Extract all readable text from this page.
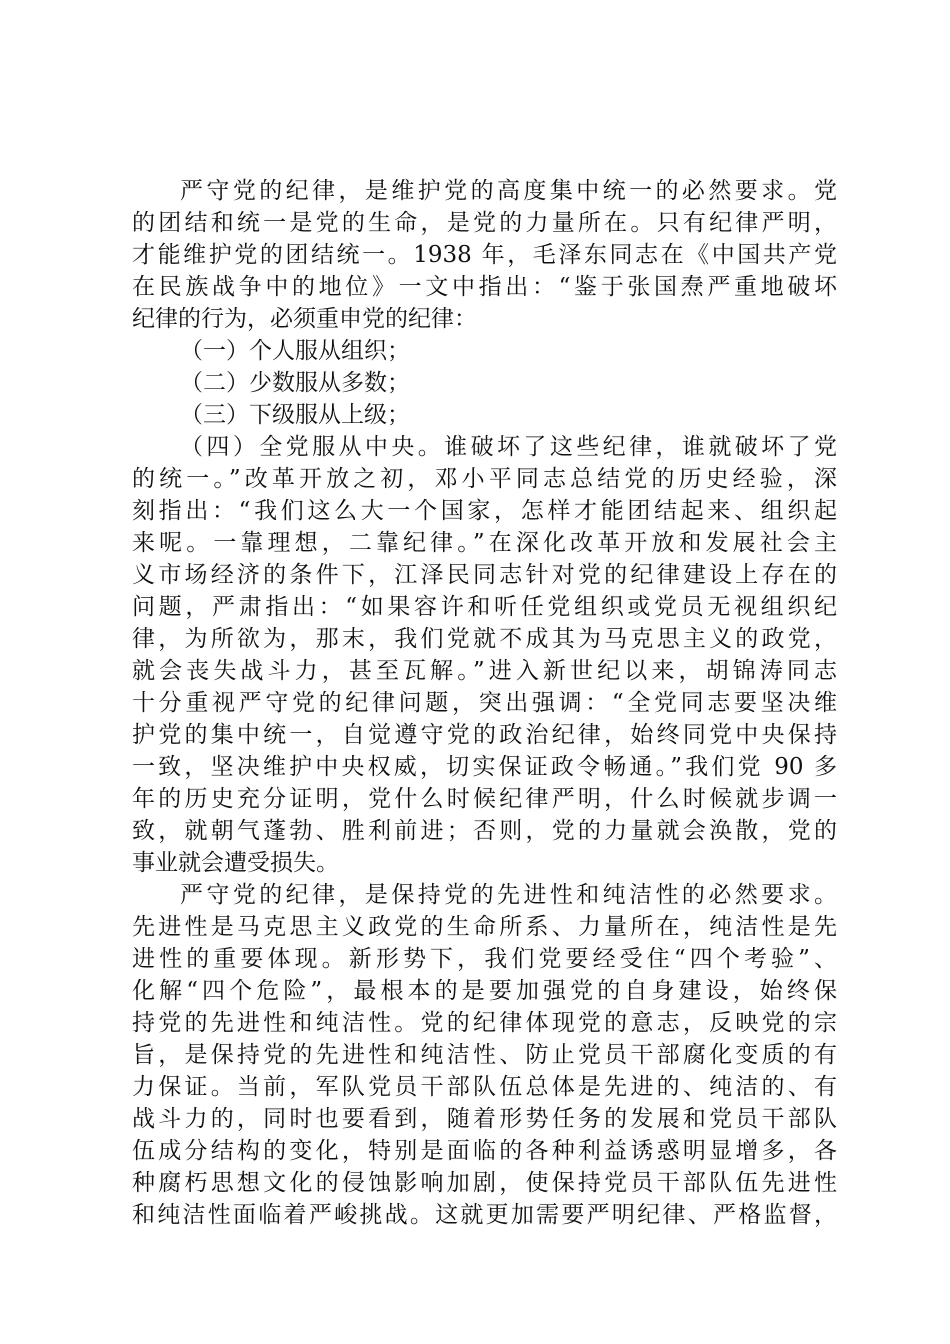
严守党的纪律，是维护党的高度集中统一的必然要求。党
的团结和统一是党的生命，是党的力量所在。只有纪律严明，
才能维护党的团结统一。1938 年，毛泽东同志在《中国共产党
在民族战争中的地位》一文中指出：“鉴于张国焘严重地破坏
纪律的行为，必须重申党的纪律：
（一）个人服从组织；
（二）少数服从多数；
（三）下级服从上级；
（四）全党服从中央。谁破坏了这些纪律，谁就破坏了党
的统一。”改革开放之初，邓小平同志总结党的历史经验，深
刻指出：“我们这么大一个国家，怎样才能团结起来、组织起
来呢。一靠理想，二靠纪律。”在深化改革开放和发展社会主
义市场经济的条件下，江泽民同志针对党的纪律建设上存在的
问题，严肃指出：“如果容许和听任党组织或党员无视组织纪
律，为所欲为，那末，我们党就不成其为马克思主义的政党，
就会丧失战斗力，甚至瓦解。”进入新世纪以来，胡锦涛同志
十分重视严守党的纪律问题，突出强调：“全党同志要坚决维
护党的集中统一，自觉遵守党的政治纪律，始终同党中央保持
一致，坚决维护中央权威，切实保证政令畅通。”我们党 90 多
年的历史充分证明，党什么时候纪律严明，什么时候就步调一
致，就朝气蓬勃、胜利前进；否则，党的力量就会涣散，党的
事业就会遭受损失。
严守党的纪律，是保持党的先进性和纯洁性的必然要求。
先进性是马克思主义政党的生命所系、力量所在，纯洁性是先
进性的重要体现。新形势下，我们党要经受住“四个考验”、
化解“四个危险”，最根本的是要加强党的自身建设，始终保
持党的先进性和纯洁性。党的纪律体现党的意志，反映党的宗
旨，是保持党的先进性和纯洁性、防止党员干部腐化变质的有
力保证。当前，军队党员干部队伍总体是先进的、纯洁的、有
战斗力的，同时也要看到，随着形势任务的发展和党员干部队
伍成分结构的变化，特别是面临的各种利益诱惑明显增多，各
种腐朽思想文化的侵蚀影响加剧，使保持党员干部队伍先进性
和纯洁性面临着严峻挑战。这就更加需要严明纪律、严格监督，
